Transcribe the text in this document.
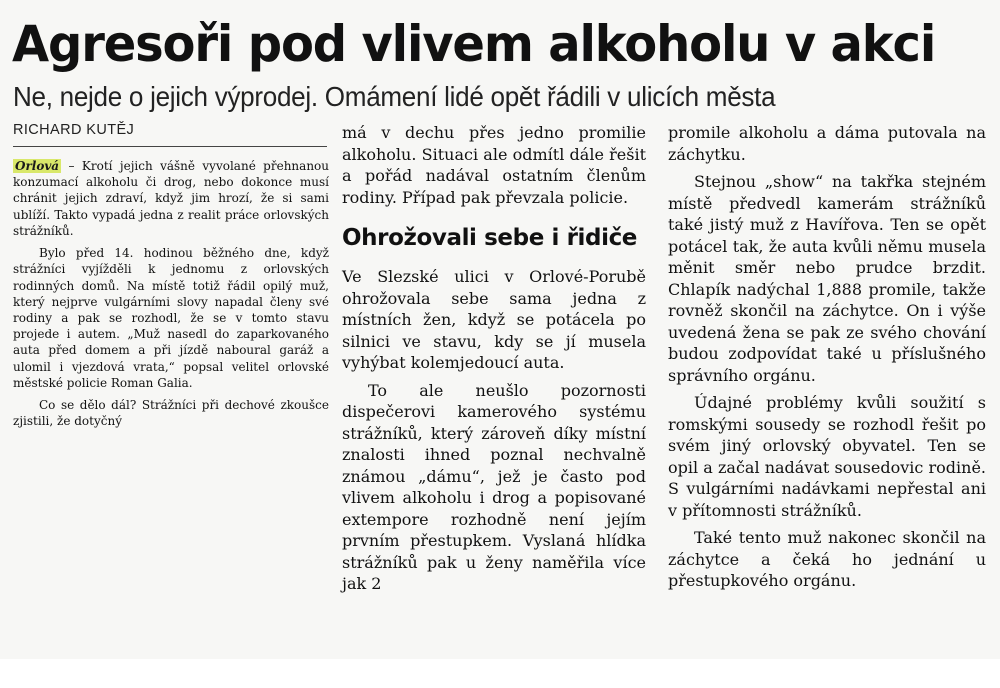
Agresoři pod vlivem alkoholu v akci
Ne, nejde o jejich výprodej. Omámení lidé opět řádili v ulicích města
RICHARD KUTĚJ

Orlová – Krotí jejich vášně vyvolané přehnanou konzumací alkoholu či drog, nebo dokonce musí chránit jejich zdraví, když jim hrozí, že si sami ublíží. Takto vypadá jedna z realit práce orlovských strážníků.

Bylo před 14. hodinou běžného dne, když strážníci vyjížděli k jednomu z orlovských rodinných domů. Na místě totiž řádil opilý muž, který nejprve vulgárními slovy napadal členy své rodiny a pak se rozhodl, že se v tomto stavu projede i autem. „Muž nasedl do zaparkovaného auta před domem a při jízdě naboural garáž a ulomil i vjezdová vrata,“ popsal velitel orlovské městské policie Roman Galia.

Co se dělo dál? Strážníci při dechové zkoušce zjistili, že dotyčný

má v dechu přes jedno promilie alkoholu. Situaci ale odmítl dále řešit a pořád nadával ostatním členům rodiny. Případ pak převzala policie.

Ohrožovali sebe i řidiče

Ve Slezské ulici v Orlové-Porubě ohrožovala sebe sama jedna z místních žen, když se potácela po silnici ve stavu, kdy se jí musela vyhýbat kolemjedoucí auta.

To ale neušlo pozornosti dispečerovi kamerového systému strážníků, který zároveň díky místní znalosti ihned poznal nechvalně známou „dámu“, jež je často pod vlivem alkoholu i drog a popisované extempore rozhodně není jejím prvním přestupkem. Vyslaná hlídka strážníků pak u ženy naměřila více jak 2

promile alkoholu a dáma putovala na záchytku.

Stejnou „show“ na takřka stejném místě předvedl kamerám strážníků také jistý muž z Havířova. Ten se opět potácel tak, že auta kvůli němu musela měnit směr nebo prudce brzdit. Chlapík nadýchal 1,888 promile, takže rovněž skončil na záchytce. On i výše uvedená žena se pak ze svého chování budou zodpovídat také u příslušného správního orgánu.

Údajné problémy kvůli soužití s romskými sousedy se rozhodl řešit po svém jiný orlovský obyvatel. Ten se opil a začal nadávat sousedovic rodině. S vulgárními nadávkami nepřestal ani v přítomnosti strážníků.

Také tento muž nakonec skončil na záchytce a čeká ho jednání u přestupkového orgánu.
